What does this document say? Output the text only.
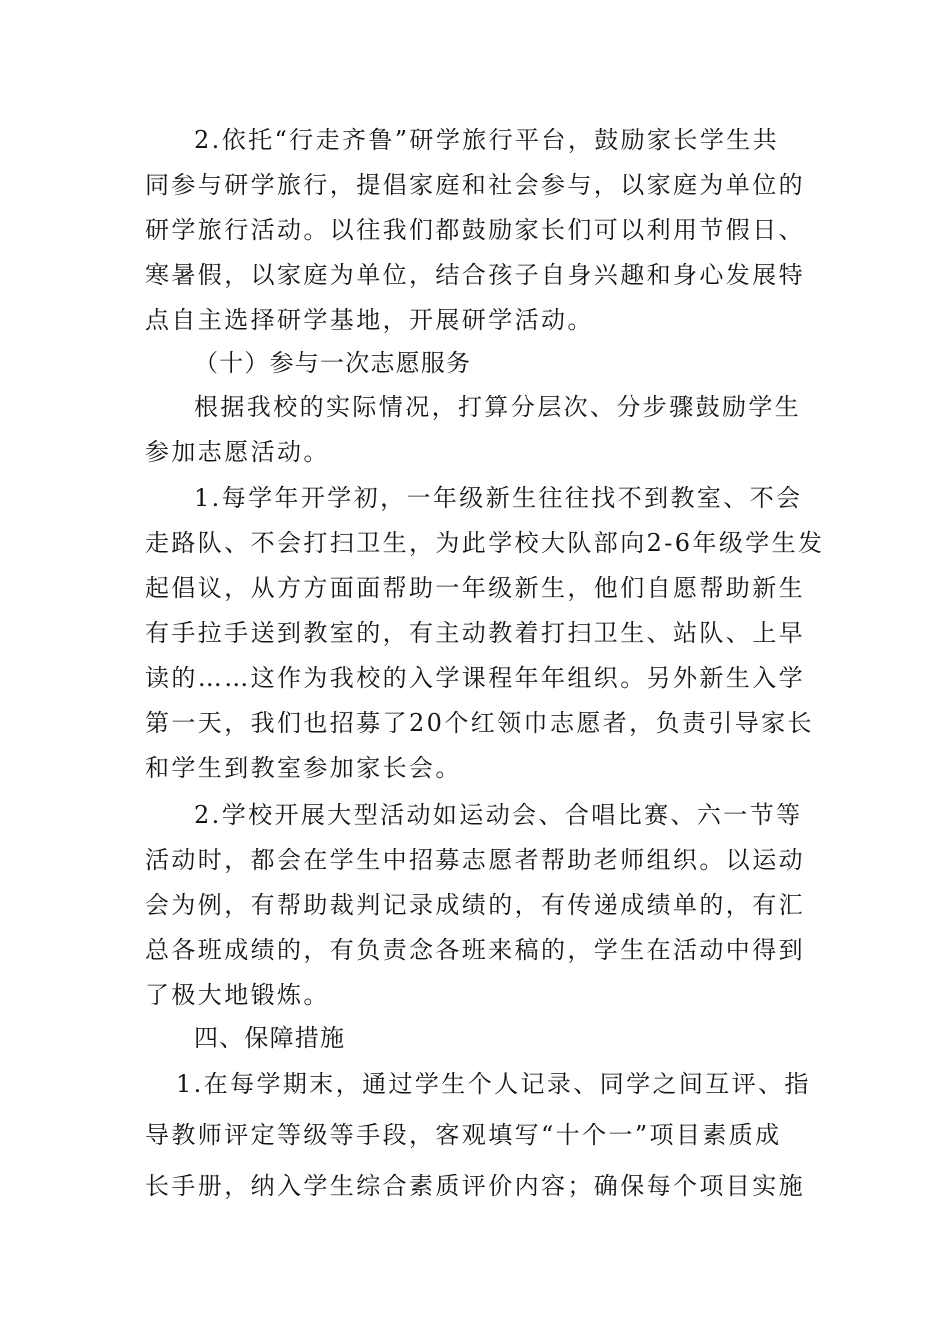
2.依托“行走齐鲁”研学旅行平台，鼓励家长学生共
同参与研学旅行，提倡家庭和社会参与，以家庭为单位的
研学旅行活动。以往我们都鼓励家长们可以利用节假日、
寒暑假，以家庭为单位，结合孩子自身兴趣和身心发展特
点自主选择研学基地，开展研学活动。
（十）参与一次志愿服务
根据我校的实际情况，打算分层次、分步骤鼓励学生
参加志愿活动。
1.每学年开学初，一年级新生往往找不到教室、不会
走路队、不会打扫卫生，为此学校大队部向2-6年级学生发
起倡议，从方方面面帮助一年级新生，他们自愿帮助新生
有手拉手送到教室的，有主动教着打扫卫生、站队、上早
读的……这作为我校的入学课程年年组织。另外新生入学
第一天，我们也招募了20个红领巾志愿者，负责引导家长
和学生到教室参加家长会。
2.学校开展大型活动如运动会、合唱比赛、六一节等
活动时，都会在学生中招募志愿者帮助老师组织。以运动
会为例，有帮助裁判记录成绩的，有传递成绩单的，有汇
总各班成绩的，有负责念各班来稿的，学生在活动中得到
了极大地锻炼。
四、保障措施
1.在每学期末，通过学生个人记录、同学之间互评、指
导教师评定等级等手段，客观填写“十个一”项目素质成
长手册，纳入学生综合素质评价内容；确保每个项目实施
